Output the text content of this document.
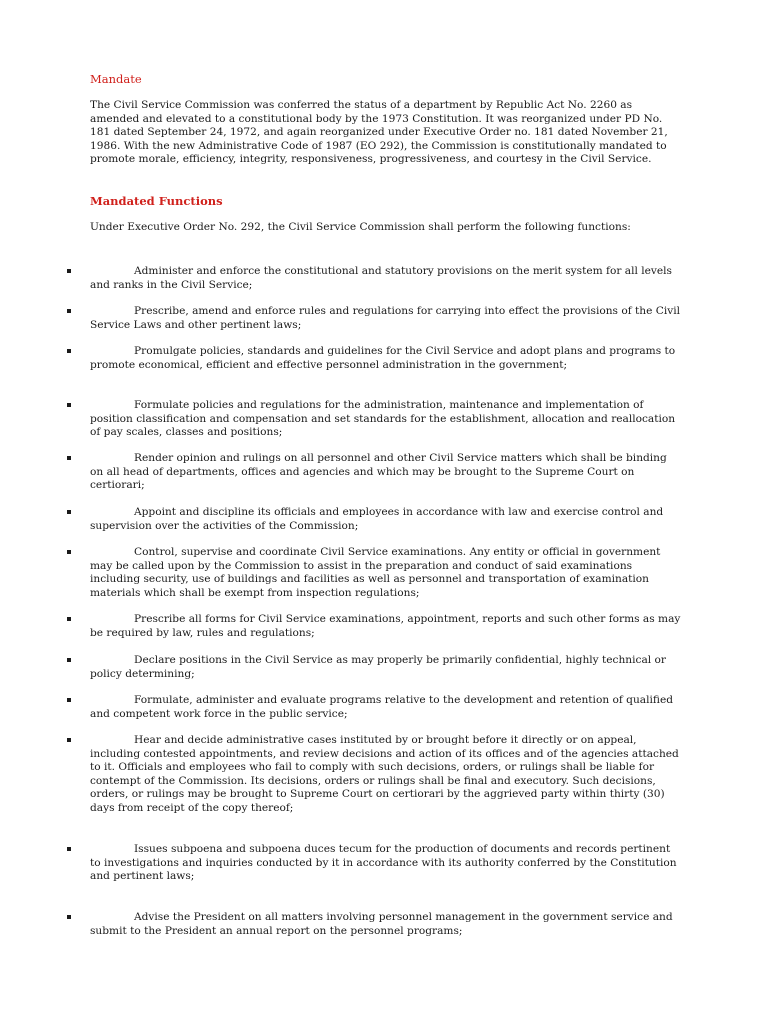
Mandate

The Civil Service Commission was conferred the status of a department by Republic Act No. 2260 as amended and elevated to a constitutional body by the 1973 Constitution. It was reorganized under PD No. 181 dated September 24, 1972, and again reorganized under Executive Order no. 181 dated November 21, 1986. With the new Administrative Code of 1987 (EO 292), the Commission is constitutionally mandated to promote morale, efficiency, integrity, responsiveness, progressiveness, and courtesy in the Civil Service.

Mandated Functions

Under Executive Order No. 292, the Civil Service Commission shall perform the following functions:

Administer and enforce the constitutional and statutory provisions on the merit system for all levels and ranks in the Civil Service;

Prescribe, amend and enforce rules and regulations for carrying into effect the provisions of the Civil Service Laws and other pertinent laws;

Promulgate policies, standards and guidelines for the Civil Service and adopt plans and programs to promote economical, efficient and effective personnel administration in the government;

Formulate policies and regulations for the administration, maintenance and implementation of position classification and compensation and set standards for the establishment, allocation and reallocation of pay scales, classes and positions;

Render opinion and rulings on all personnel and other Civil Service matters which shall be binding on all head of departments, offices and agencies and which may be brought to the Supreme Court on certiorari;

Appoint and discipline its officials and employees in accordance with law and exercise control and supervision over the activities of the Commission;

Control, supervise and coordinate Civil Service examinations. Any entity or official in government may be called upon by the Commission to assist in the preparation and conduct of said examinations including security, use of buildings and facilities as well as personnel and transportation of examination materials which shall be exempt from inspection regulations;

Prescribe all forms for Civil Service examinations, appointment, reports and such other forms as may be required by law, rules and regulations;

Declare positions in the Civil Service as may properly be primarily confidential, highly technical or policy determining;

Formulate, administer and evaluate programs relative to the development and retention of qualified and competent work force in the public service;

Hear and decide administrative cases instituted by or brought before it directly or on appeal, including contested appointments, and review decisions and action of its offices and of the agencies attached to it. Officials and employees who fail to comply with such decisions, orders, or rulings shall be liable for contempt of the Commission. Its decisions, orders or rulings shall be final and executory. Such decisions, orders, or rulings may be brought to Supreme Court on certiorari by the aggrieved party within thirty (30) days from receipt of the copy thereof;

Issues subpoena and subpoena duces tecum for the production of documents and records pertinent to investigations and inquiries conducted by it in accordance with its authority conferred by the Constitution and pertinent laws;

Advise the President on all matters involving personnel management in the government service and submit to the President an annual report on the personnel programs;
